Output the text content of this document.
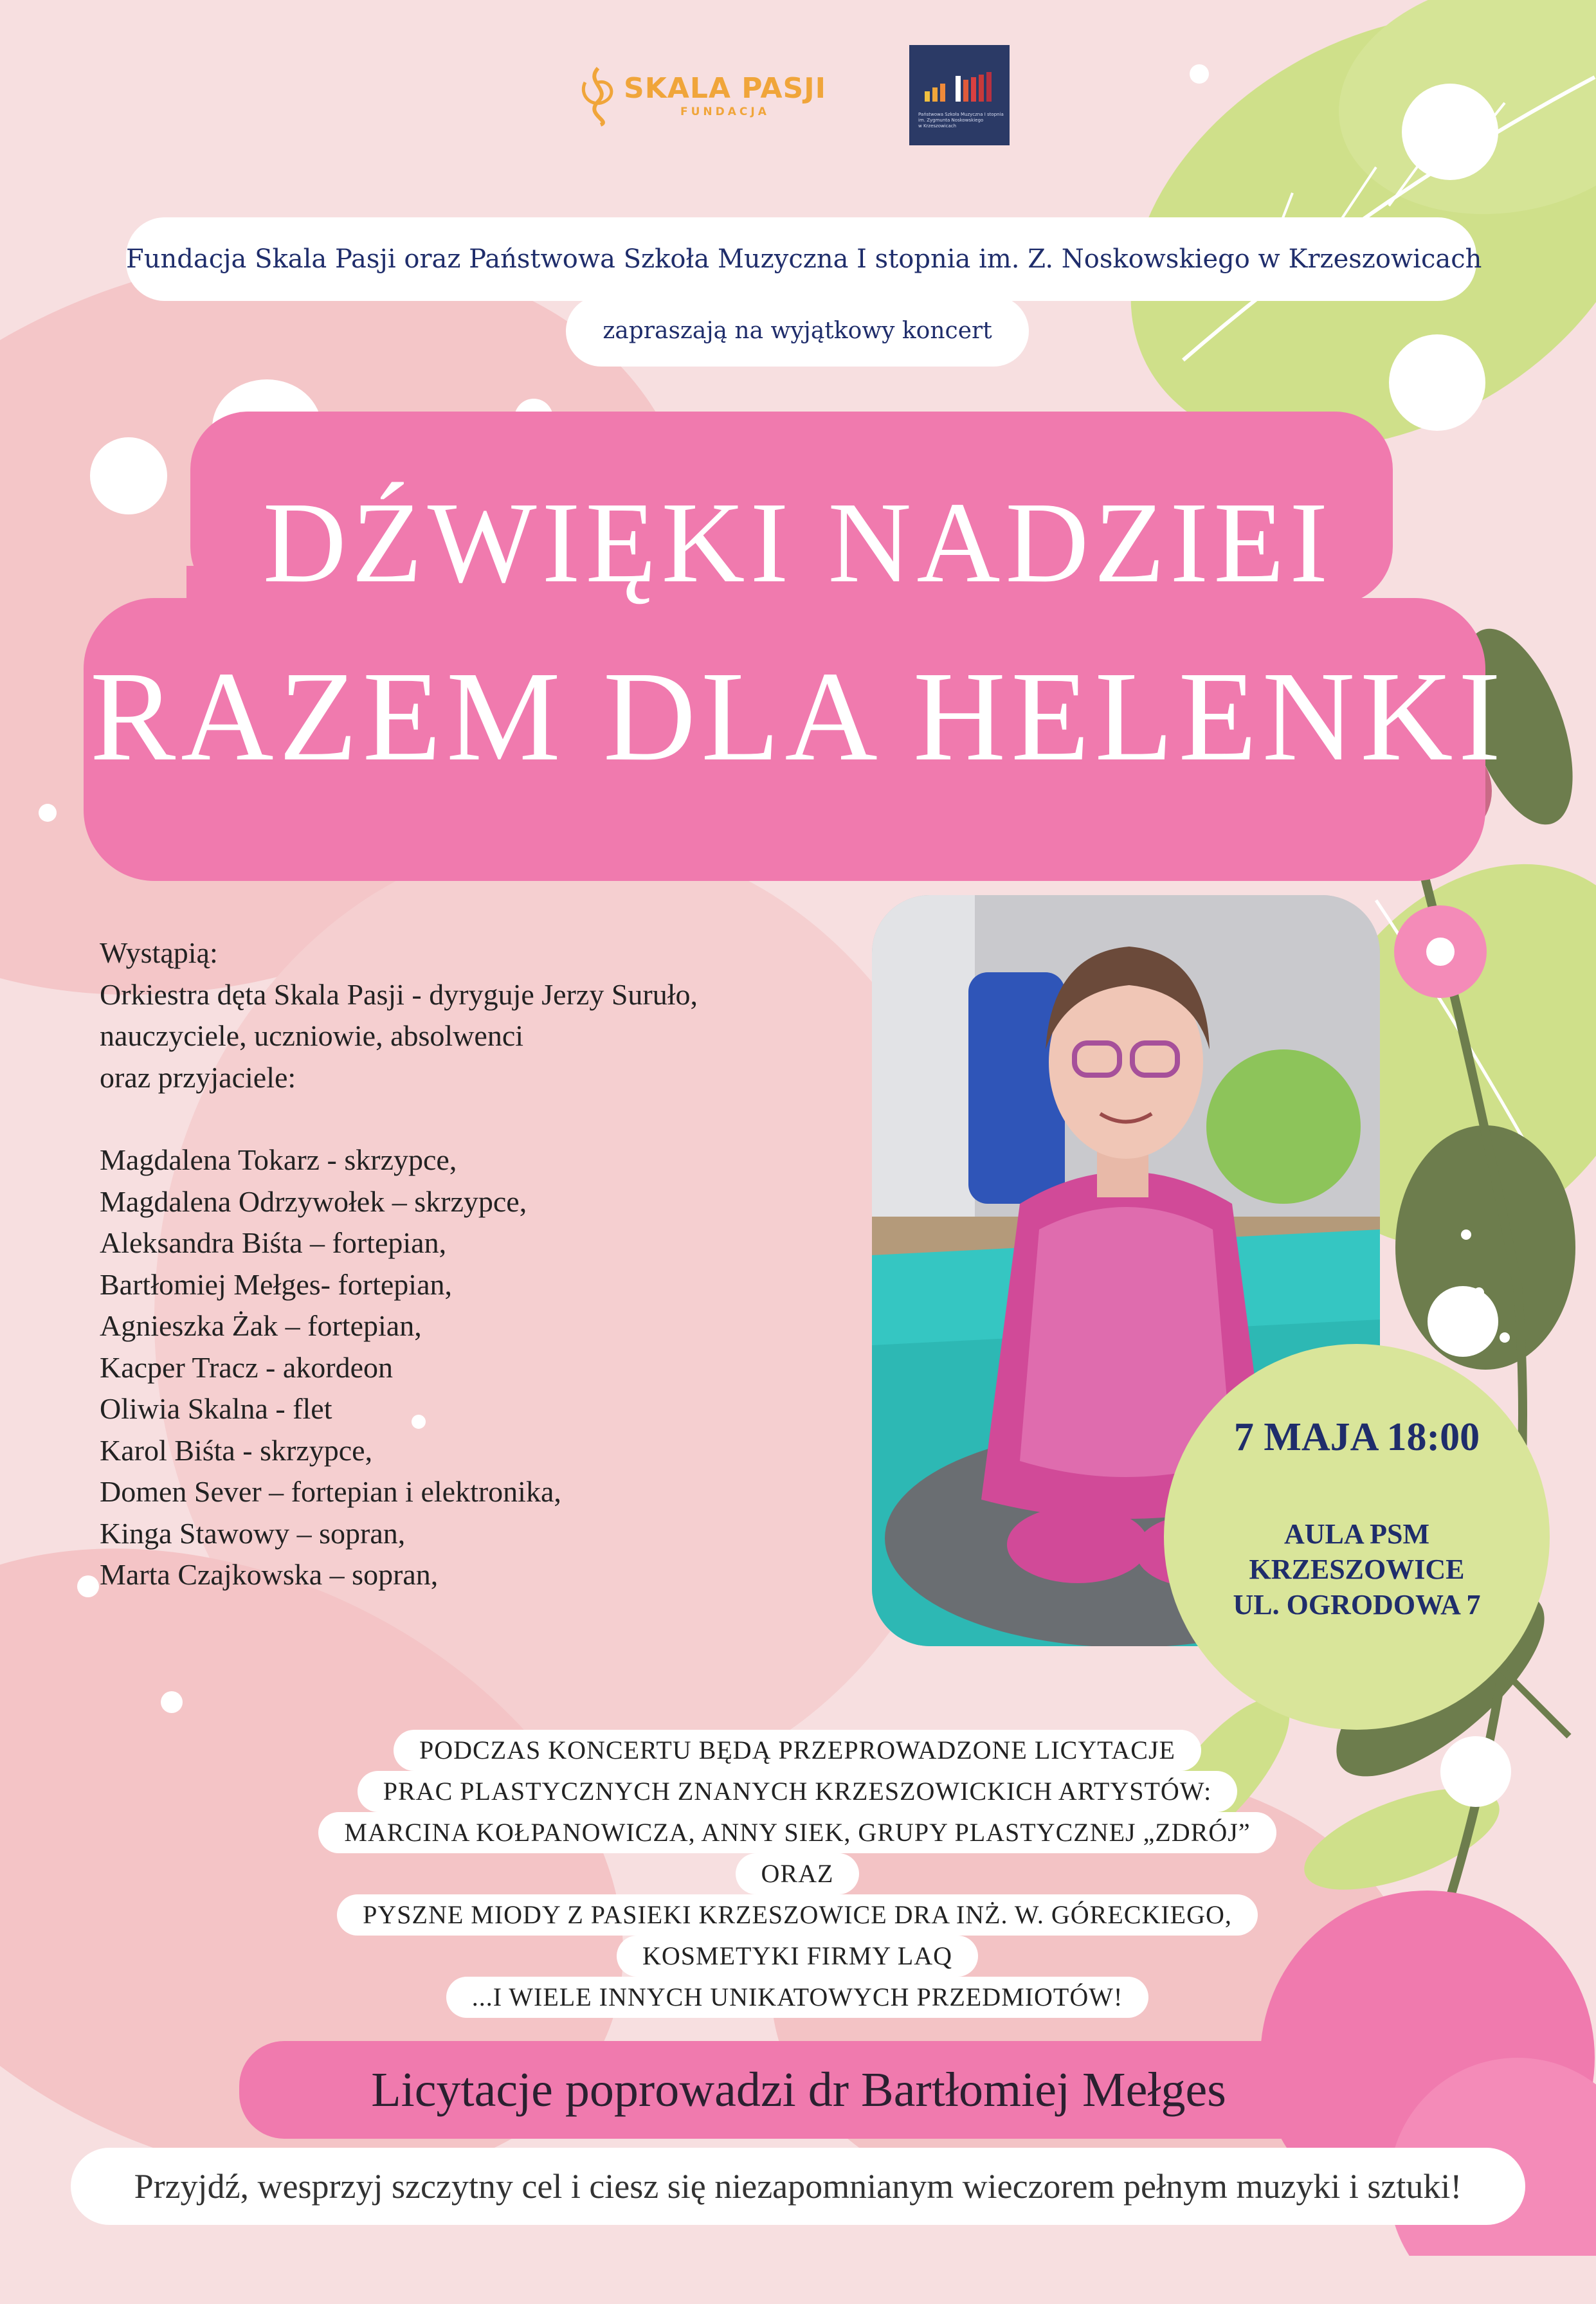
SKALA PASJI
FUNDACJA	Państwowa Szkoła Muzyczna I stopnia
im. Zygmunta Noskowskiego
w Krzeszowicach
Fundacja Skala Pasji oraz Państwowa Szkoła Muzyczna I stopnia im. Z. Noskowskiego w Krzeszowicach
zapraszają na wyjątkowy koncert
DŹWIĘKI NADZIEI
RAZEM DLA HELENKI
Wystąpią:
Orkiestra dęta Skala Pasji - dyryguje Jerzy Suruło,
nauczyciele, uczniowie, absolwenci
oraz przyjaciele:
Magdalena Tokarz - skrzypce,
Magdalena Odrzywołek – skrzypce,
Aleksandra Biśta – fortepian,
Bartłomiej Mełges- fortepian,
Agnieszka Żak – fortepian,
Kacper Tracz - akordeon
Oliwia Skalna - flet
Karol Biśta - skrzypce,
Domen Sever – fortepian i elektronika,
Kinga Stawowy – sopran,
Marta Czajkowska – sopran,
7 MAJA 18:00
AULA PSM
KRZESZOWICE
UL. OGRODOWA 7
PODCZAS KONCERTU BĘDĄ PRZEPROWADZONE LICYTACJE
PRAC PLASTYCZNYCH ZNANYCH KRZESZOWICKICH ARTYSTÓW:
MARCINA KOŁPANOWICZA, ANNY SIEK, GRUPY PLASTYCZNEJ „ZDRÓJ”
ORAZ
PYSZNE MIODY Z PASIEKI KRZESZOWICE DRA INŻ. W. GÓRECKIEGO,
KOSMETYKI FIRMY LAQ
...I WIELE INNYCH UNIKATOWYCH PRZEDMIOTÓW!
Licytacje poprowadzi dr Bartłomiej Mełges
Przyjdź, wesprzyj szczytny cel i ciesz się niezapomnianym wieczorem pełnym muzyki i sztuki!
